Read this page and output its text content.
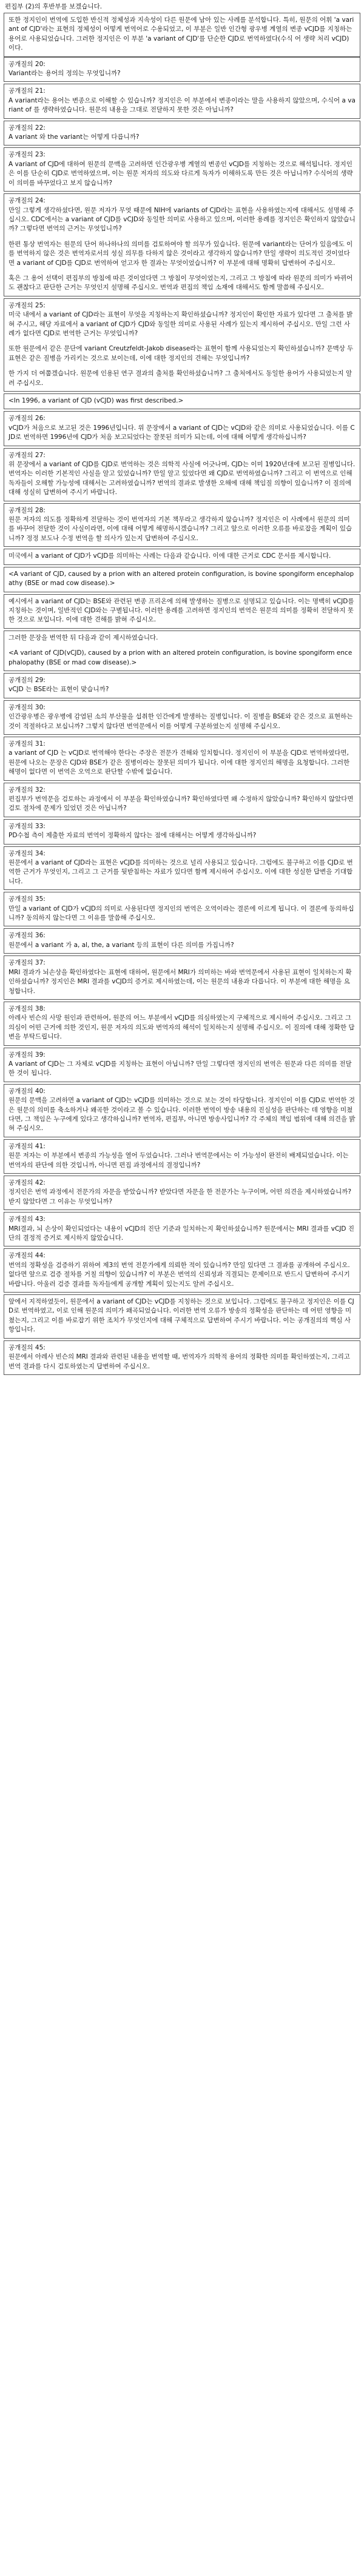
편집부 (2)의 후반부를 보겠습니다.

또한 정지인이 번역에 도입한 반신적 정체성과 지속성이 다른 원문에 남아 있는 사례를 분석합니다. 특히, 원문의 어휘 'a variant of CJD'라는 표현의 정체성이 어떻게 번역어로 수용되었고, 이 부분은 일반 인간형 광우병 계열의 변종 vCJD를 지칭하는 용어로 사용되었습니다. 그러한 정지인은 이 부분 'a variant of CJD'를 단순한 CJD로 번역하였다(수식 어 생략 처리 vCJD) 이다.

공개질의 20:

Variant라는 용어의 정의는 무엇입니까?

공개질의 21:

A variant라는 용어는 변종으로 이해할 수 있습니까? 정지인은 이 부분에서 변종이라는 말을 사용하지 않았으며, 수식어 a variant of 를 생략하였습니다. 원문의 내용을 그대로 전달하지 못한 것은 아닙니까?

공개질의 22:

A variant 와 the variant는 어떻게 다릅니까?

공개질의 23:

A variant of CJD에 대하여 원문의 문맥을 고려하면 인간광우병 계열의 변종인 vCJD를 지칭하는 것으로 해석됩니다. 정지인은 이를 단순히 CJD로 번역하였으며, 이는 원문 저자의 의도와 다르게 독자가 이해하도록 만든 것은 아닙니까? 수식어의 생략이 의미를 바꾸었다고 보지 않습니까?

공개질의 24:

만일 그렇게 생각하셨다면, 원문 저자가 무엇 때문에 NIH에 variants of CJD라는 표현을 사용하였는지에 대해서도 설명해 주십시오. CDC에서는 a variant of CJD를 vCJD와 동일한 의미로 사용하고 있으며, 이러한 용례를 정지인은 확인하지 않았습니까? 그렇다면 번역의 근거는 무엇입니까?

한편 통상 번역자는 원문의 단어 하나하나의 의미를 검토하여야 할 의무가 있습니다. 원문에 variant라는 단어가 있음에도 이를 번역하지 않은 것은 번역자로서의 성실 의무를 다하지 않은 것이라고 생각하지 않습니까? 만일 생략이 의도적인 것이었다면 a variant of CJD를 CJD로 번역하여 얻고자 한 결과는 무엇이었습니까? 이 부분에 대해 명확히 답변하여 주십시오.

혹은 그 용어 선택이 편집부의 방침에 따른 것이었다면 그 방침이 무엇이었는지, 그리고 그 방침에 따라 원문의 의미가 바뀌어도 괜찮다고 판단한 근거는 무엇인지 설명해 주십시오. 번역과 편집의 책임 소재에 대해서도 함께 말씀해 주십시오.

공개질의 25:

미국 내에서 a variant of CJD라는 표현이 무엇을 지칭하는지 확인하셨습니까? 정지인이 확인한 자료가 있다면 그 출처를 밝혀 주시고, 해당 자료에서 a variant of CJD가 CJD와 동일한 의미로 사용된 사례가 있는지 제시하여 주십시오. 만일 그런 사례가 없다면 CJD로 번역한 근거는 무엇입니까?

또한 원문에서 같은 문단에 variant Creutzfeldt-Jakob disease라는 표현이 함께 사용되었는지 확인하셨습니까? 문맥상 두 표현은 같은 질병을 가리키는 것으로 보이는데, 이에 대한 정지인의 견해는 무엇입니까?

한 가지 더 여쭙겠습니다. 원문에 인용된 연구 결과의 출처를 확인하셨습니까? 그 출처에서도 동일한 용어가 사용되었는지 알려 주십시오.

<In 1996, a variant of CJD (vCJD) was first described.>

공개질의 26:

vCJD가 처음으로 보고된 것은 1996년입니다. 위 문장에서 a variant of CJD는 vCJD와 같은 의미로 사용되었습니다. 이를 CJD로 번역하면 1996년에 CJD가 처음 보고되었다는 잘못된 의미가 되는데, 이에 대해 어떻게 생각하십니까?

공개질의 27:

위 문장에서 a variant of CJD를 CJD로 번역하는 것은 의학적 사실에 어긋나며, CJD는 이미 1920년대에 보고된 질병입니다. 번역자는 이러한 기본적인 사실을 알고 있었습니까? 만일 알고 있었다면 왜 CJD로 번역하였습니까? 그리고 이 번역으로 인해 독자들이 오해할 가능성에 대해서는 고려하였습니까? 번역의 결과로 발생한 오해에 대해 책임질 의향이 있습니까? 이 질의에 대해 성실히 답변하여 주시기 바랍니다.

공개질의 28:

원문 저자의 의도를 정확하게 전달하는 것이 번역자의 기본 책무라고 생각하지 않습니까? 정지인은 이 사례에서 원문의 의미를 바꾸어 전달한 것이 사실이라면, 이에 대해 어떻게 해명하시겠습니까? 그리고 앞으로 이러한 오류를 바로잡을 계획이 있습니까? 정정 보도나 수정 번역을 할 의사가 있는지 답변하여 주십시오.

미국에서 a variant of CJD가 vCJD를 의미하는 사례는 다음과 같습니다. 이에 대한 근거로 CDC 문서를 제시합니다.

<A variant of CJD, caused by a prion with an altered protein configuration, is bovine spongiform encephalopathy (BSE or mad cow disease).>

예시에서 a variant of CJD는 BSE와 관련된 변종 프리온에 의해 발생하는 질병으로 설명되고 있습니다. 이는 명백히 vCJD를 지칭하는 것이며, 일반적인 CJD와는 구별됩니다. 이러한 용례를 고려하면 정지인의 번역은 원문의 의미를 정확히 전달하지 못한 것으로 보입니다. 이에 대한 견해를 밝혀 주십시오.

그러한 문장을 번역한 뒤 다음과 같이 제시하였습니다.

<A variant of CJD(vCJD), caused by a prion with an altered protein configuration, is bovine spongiform encephalopathy (BSE or mad cow disease).>

공개질의 29:

vCJD 는 BSE라는 표현이 맞습니까?

공개질의 30:

인간광우병은 광우병에 감염된 소의 부산물을 섭취한 인간에게 발생하는 질병입니다. 이 질병을 BSE와 같은 것으로 표현하는 것이 적절하다고 보십니까? 그렇지 않다면 번역문에서 이를 어떻게 구분하였는지 설명해 주십시오.

공개질의 31:

a variant of CJD 는 vCJD로 번역해야 한다는 주장은 전문가 견해와 일치합니다. 정지인이 이 부분을 CJD로 번역하였다면, 원문에 나오는 문장은 CJD와 BSE가 같은 질병이라는 잘못된 의미가 됩니다. 이에 대한 정지인의 해명을 요청합니다. 그러한 해명이 없다면 이 번역은 오역으로 판단할 수밖에 없습니다.

공개질의 32:

편집부가 번역문을 검토하는 과정에서 이 부분을 확인하였습니까? 확인하였다면 왜 수정하지 않았습니까? 확인하지 않았다면 검토 절차에 문제가 있었던 것은 아닙니까?

공개질의 33:

PD수첩 측이 제출한 자료의 번역이 정확하지 않다는 점에 대해서는 어떻게 생각하십니까?

공개질의 34:

원문에서 a variant of CJD라는 표현은 vCJD를 의미하는 것으로 널리 사용되고 있습니다. 그럼에도 불구하고 이를 CJD로 번역한 근거가 무엇인지, 그리고 그 근거를 뒷받침하는 자료가 있다면 함께 제시하여 주십시오. 이에 대한 성실한 답변을 기대합니다.

공개질의 35:

만일 a variant of CJD가 vCJD의 의미로 사용된다면 정지인의 번역은 오역이라는 결론에 이르게 됩니다. 이 결론에 동의하십니까? 동의하지 않는다면 그 이유를 말씀해 주십시오.

공개질의 36:

원문에서 a variant 가 a, al, the, a variant 등의 표현이 다른 의미를 가집니까?

공개질의 37:

MRI 결과가 뇌손상을 확인하였다는 표현에 대하여, 원문에서 MRI가 의미하는 바와 번역문에서 사용된 표현이 일치하는지 확인하셨습니까? 정지인은 MRI 결과를 vCJD의 증거로 제시하였는데, 이는 원문의 내용과 다릅니다. 이 부분에 대한 해명을 요청합니다.

공개질의 38:

아레사 빈슨의 사망 원인과 관련하여, 원문의 어느 부분에서 vCJD를 의심하였는지 구체적으로 제시하여 주십시오. 그리고 그 의심이 어떤 근거에 의한 것인지, 원문 저자의 의도와 번역자의 해석이 일치하는지 설명해 주십시오. 이 질의에 대해 정확한 답변을 부탁드립니다.

공개질의 39:

A variant of CJD는 그 자체로 vCJD를 지칭하는 표현이 아닙니까? 만일 그렇다면 정지인의 번역은 원문과 다른 의미를 전달한 것이 됩니다.

공개질의 40:

원문의 문맥을 고려하면 a variant of CJD는 vCJD를 의미하는 것으로 보는 것이 타당합니다. 정지인이 이를 CJD로 번역한 것은 원문의 의미를 축소하거나 왜곡한 것이라고 볼 수 있습니다. 이러한 번역이 방송 내용의 진실성을 판단하는 데 영향을 미쳤다면, 그 책임은 누구에게 있다고 생각하십니까? 번역자, 편집부, 아니면 방송사입니까? 각 주체의 책임 범위에 대해 의견을 밝혀 주십시오.

공개질의 41:

원문 저자는 이 부분에서 변종의 가능성을 열어 두었습니다. 그러나 번역문에서는 이 가능성이 완전히 배제되었습니다. 이는 번역자의 판단에 의한 것입니까, 아니면 편집 과정에서의 결정입니까?

공개질의 42:

정지인은 번역 과정에서 전문가의 자문을 받았습니까? 받았다면 자문을 한 전문가는 누구이며, 어떤 의견을 제시하였습니까? 받지 않았다면 그 이유는 무엇입니까?

공개질의 43:

MRI결과, 뇌 손상이 확인되었다는 내용이 vCJD의 진단 기준과 일치하는지 확인하셨습니까? 원문에서는 MRI 결과를 vCJD 진단의 결정적 증거로 제시하지 않았습니다.

공개질의 44:

번역의 정확성을 검증하기 위하여 제3의 번역 전문가에게 의뢰한 적이 있습니까? 만일 있다면 그 결과를 공개하여 주십시오. 없다면 앞으로 검증 절차를 거칠 의향이 있습니까? 이 부분은 번역의 신뢰성과 직결되는 문제이므로 반드시 답변하여 주시기 바랍니다. 아울러 검증 결과를 독자들에게 공개할 계획이 있는지도 알려 주십시오.

앞에서 지적하였듯이, 원문에서 a variant of CJD는 vCJD를 지칭하는 것으로 보입니다. 그럼에도 불구하고 정지인은 이를 CJD로 번역하였고, 이로 인해 원문의 의미가 왜곡되었습니다. 이러한 번역 오류가 방송의 정확성을 판단하는 데 어떤 영향을 미쳤는지, 그리고 이를 바로잡기 위한 조치가 무엇인지에 대해 구체적으로 답변하여 주시기 바랍니다. 이는 공개질의의 핵심 사항입니다.

공개질의 45:

원문에서 아레사 빈슨의 MRI 결과와 관련된 내용을 번역할 때, 번역자가 의학적 용어의 정확한 의미를 확인하였는지, 그리고 번역 결과를 다시 검토하였는지 답변하여 주십시오.
